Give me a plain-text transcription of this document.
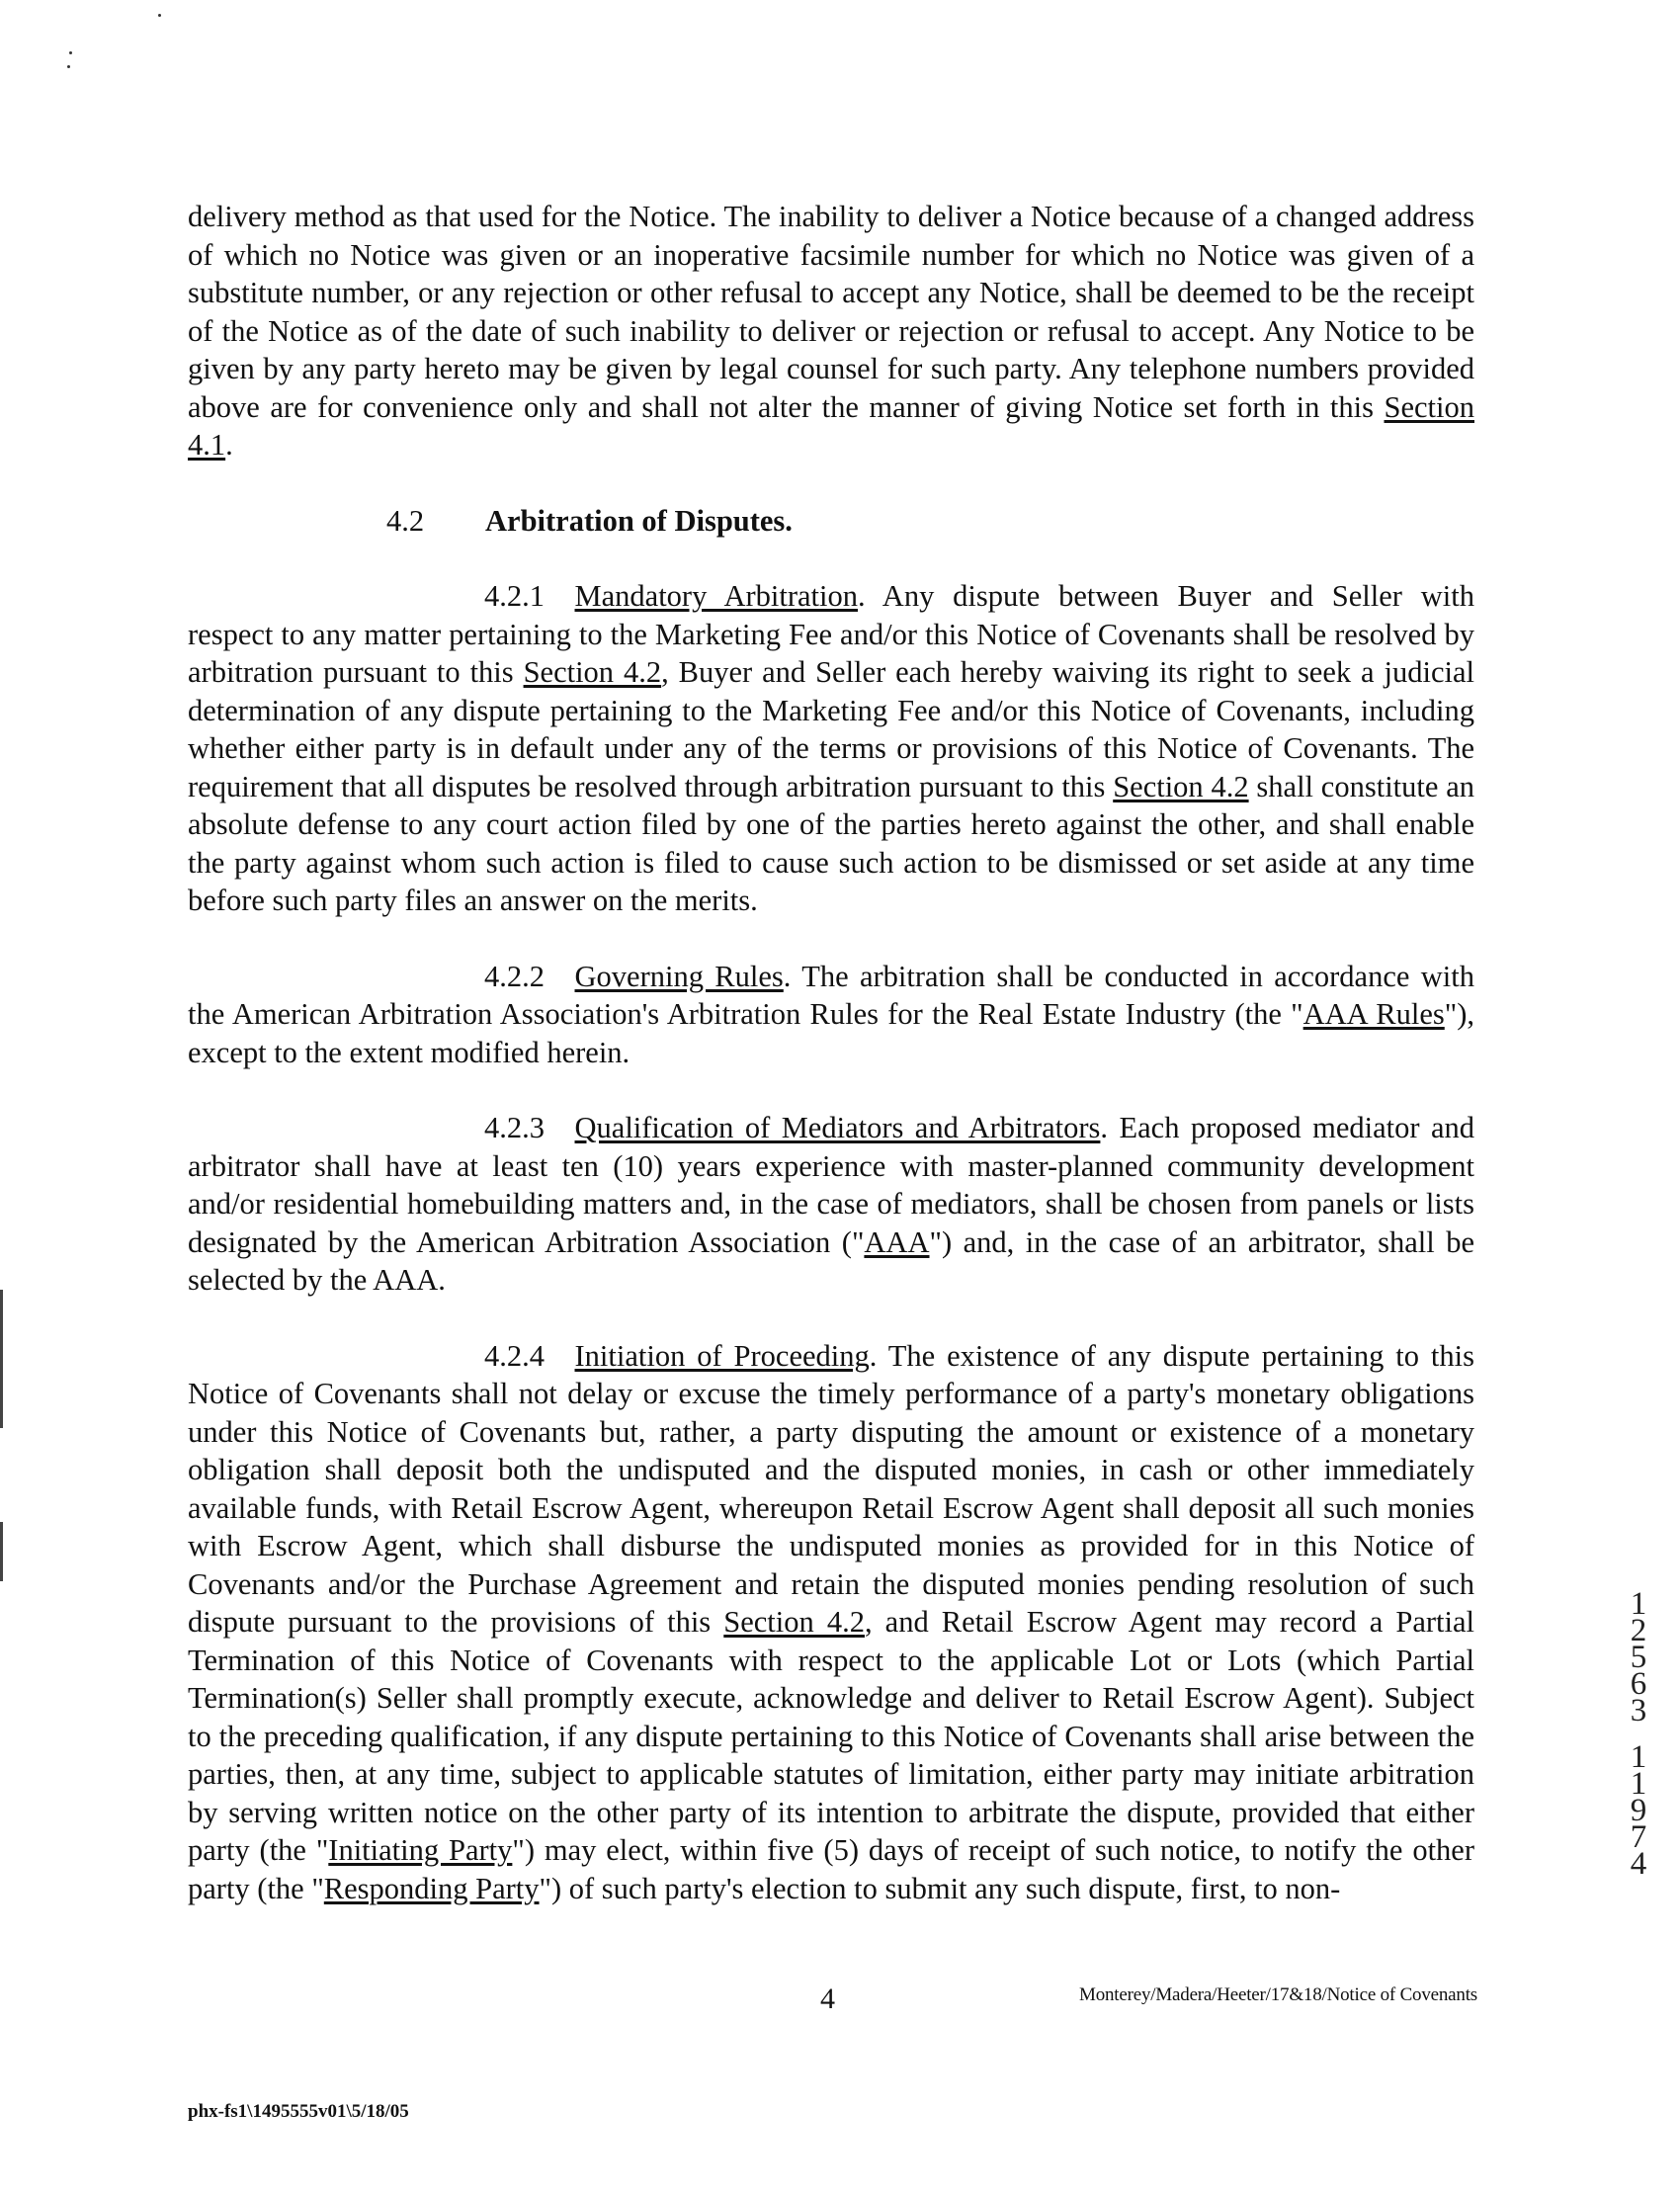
delivery method as that used for the Notice. The inability to deliver a Notice because of a changed address of which no Notice was given or an inoperative facsimile number for which no Notice was given of a substitute number, or any rejection or other refusal to accept any Notice, shall be deemed to be the receipt of the Notice as of the date of such inability to deliver or rejection or refusal to accept. Any Notice to be given by any party hereto may be given by legal counsel for such party. Any telephone numbers provided above are for convenience only and shall not alter the manner of giving Notice set forth in this Section 4.1.

4.2 Arbitration of Disputes.

4.2.1  Mandatory Arbitration. Any dispute between Buyer and Seller with respect to any matter pertaining to the Marketing Fee and/or this Notice of Covenants shall be resolved by arbitration pursuant to this Section 4.2, Buyer and Seller each hereby waiving its right to seek a judicial determination of any dispute pertaining to the Marketing Fee and/or this Notice of Covenants, including whether either party is in default under any of the terms or provisions of this Notice of Covenants. The requirement that all disputes be resolved through arbitration pursuant to this Section 4.2 shall constitute an absolute defense to any court action filed by one of the parties hereto against the other, and shall enable the party against whom such action is filed to cause such action to be dismissed or set aside at any time before such party files an answer on the merits.

4.2.2  Governing Rules. The arbitration shall be conducted in accordance with the American Arbitration Association's Arbitration Rules for the Real Estate Industry (the "AAA Rules"), except to the extent modified herein.

4.2.3  Qualification of Mediators and Arbitrators. Each proposed mediator and arbitrator shall have at least ten (10) years experience with master-planned community development and/or residential homebuilding matters and, in the case of mediators, shall be chosen from panels or lists designated by the American Arbitration Association ("AAA") and, in the case of an arbitrator, shall be selected by the AAA.

4.2.4  Initiation of Proceeding. The existence of any dispute pertaining to this Notice of Covenants shall not delay or excuse the timely performance of a party's monetary obligations under this Notice of Covenants but, rather, a party disputing the amount or existence of a monetary obligation shall deposit both the undisputed and the disputed monies, in cash or other immediately available funds, with Retail Escrow Agent, whereupon Retail Escrow Agent shall deposit all such monies with Escrow Agent, which shall disburse the undisputed monies as provided for in this Notice of Covenants and/or the Purchase Agreement and retain the disputed monies pending resolution of such dispute pursuant to the provisions of this Section 4.2, and Retail Escrow Agent may record a Partial Termination of this Notice of Covenants with respect to the applicable Lot or Lots (which Partial Termination(s) Seller shall promptly execute, acknowledge and deliver to Retail Escrow Agent). Subject to the preceding qualification, if any dispute pertaining to this Notice of Covenants shall arise between the parties, then, at any time, subject to applicable statutes of limitation, either party may initiate arbitration by serving written notice on the other party of its intention to arbitrate the dispute, provided that either party (the "Initiating Party") may elect, within five (5) days of receipt of such notice, to notify the other party (the "Responding Party") of such party's election to submit any such dispute, first, to non-

1
2
5
6
3
1
1
9
7
4
4	Monterey/Madera/Heeter/17&18/Notice of Covenants
phx-fs1\1495555v01\5/18/05
